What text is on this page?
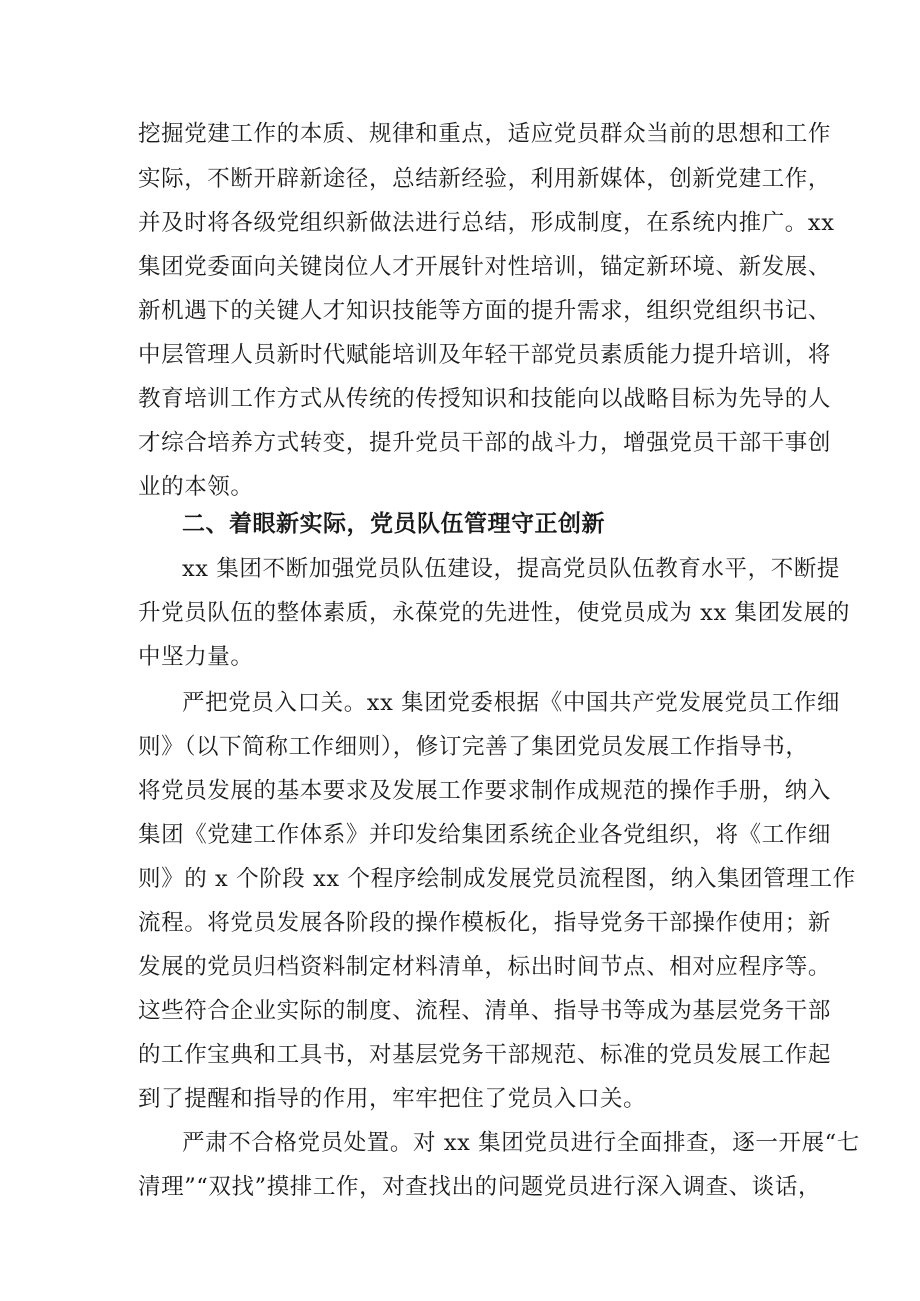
挖掘党建工作的本质、规律和重点，适应党员群众当前的思想和工作
实际，不断开辟新途径，总结新经验，利用新媒体，创新党建工作，
并及时将各级党组织新做法进行总结，形成制度，在系统内推广。xx
集团党委面向关键岗位人才开展针对性培训，锚定新环境、新发展、
新机遇下的关键人才知识技能等方面的提升需求，组织党组织书记、
中层管理人员新时代赋能培训及年轻干部党员素质能力提升培训，将
教育培训工作方式从传统的传授知识和技能向以战略目标为先导的人
才综合培养方式转变，提升党员干部的战斗力，增强党员干部干事创
业的本领。
二、着眼新实际，党员队伍管理守正创新
xx 集团不断加强党员队伍建设，提高党员队伍教育水平，不断提
升党员队伍的整体素质，永葆党的先进性，使党员成为 xx 集团发展的
中坚力量。
严把党员入口关。xx 集团党委根据《中国共产党发展党员工作细
则》（以下简称工作细则），修订完善了集团党员发展工作指导书，
将党员发展的基本要求及发展工作要求制作成规范的操作手册，纳入
集团《党建工作体系》并印发给集团系统企业各党组织，将《工作细
则》的 x 个阶段 xx 个程序绘制成发展党员流程图，纳入集团管理工作
流程。将党员发展各阶段的操作模板化，指导党务干部操作使用；新
发展的党员归档资料制定材料清单，标出时间节点、相对应程序等。
这些符合企业实际的制度、流程、清单、指导书等成为基层党务干部
的工作宝典和工具书，对基层党务干部规范、标准的党员发展工作起
到了提醒和指导的作用，牢牢把住了党员入口关。
严肃不合格党员处置。对 xx 集团党员进行全面排查，逐一开展“七
清理”“双找”摸排工作，对查找出的问题党员进行深入调查、谈话，
